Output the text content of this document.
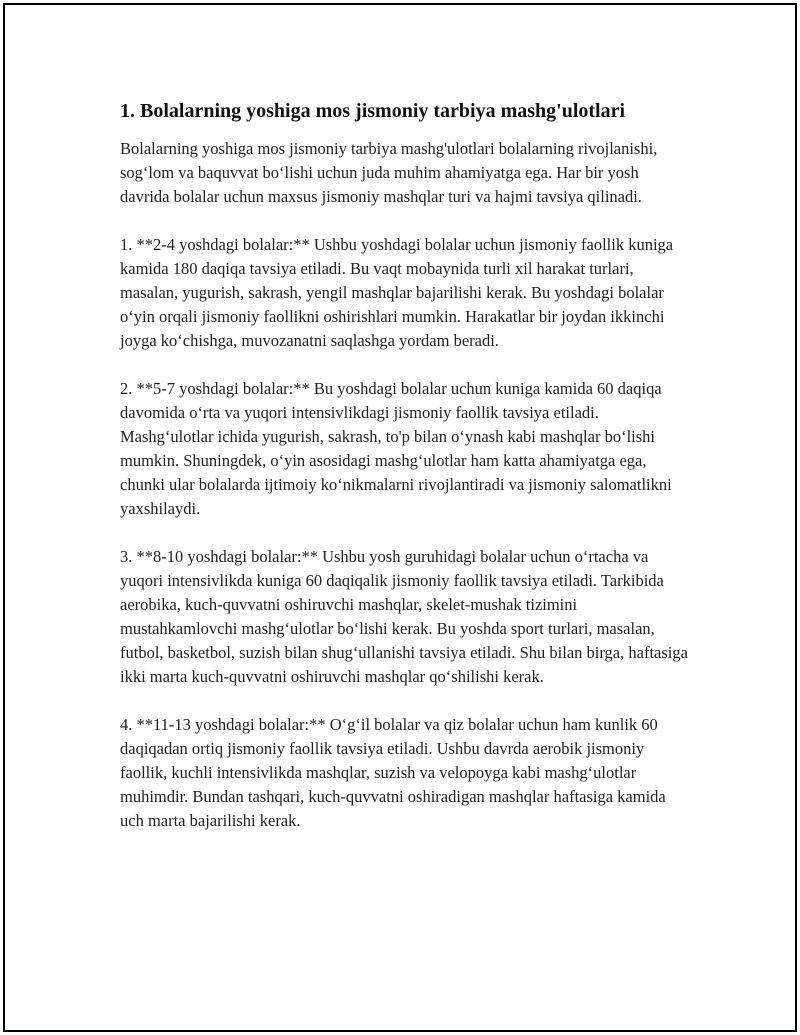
1. Bolalarning yoshiga mos jismoniy tarbiya mashg'ulotlari

Bolalarning yoshiga mos jismoniy tarbiya mashg'ulotlari bolalarning rivojlanishi, sog‘lom va baquvvat bo‘lishi uchun juda muhim ahamiyatga ega. Har bir yosh davrida bolalar uchun maxsus jismoniy mashqlar turi va hajmi tavsiya qilinadi.

1. **2-4 yoshdagi bolalar:** Ushbu yoshdagi bolalar uchun jismoniy faollik kuniga kamida 180 daqiqa tavsiya etiladi. Bu vaqt mobaynida turli xil harakat turlari, masalan, yugurish, sakrash, yengil mashqlar bajarilishi kerak. Bu yoshdagi bolalar o‘yin orqali jismoniy faollikni oshirishlari mumkin. Harakatlar bir joydan ikkinchi joyga ko‘chishga, muvozanatni saqlashga yordam beradi.

2. **5-7 yoshdagi bolalar:** Bu yoshdagi bolalar uchun kuniga kamida 60 daqiqa davomida o‘rta va yuqori intensivlikdagi jismoniy faollik tavsiya etiladi. Mashg‘ulotlar ichida yugurish, sakrash, to'p bilan o‘ynash kabi mashqlar bo‘lishi mumkin. Shuningdek, o‘yin asosidagi mashg‘ulotlar ham katta ahamiyatga ega, chunki ular bolalarda ijtimoiy ko‘nikmalarni rivojlantiradi va jismoniy salomatlikni yaxshilaydi.

3. **8-10 yoshdagi bolalar:** Ushbu yosh guruhidagi bolalar uchun o‘rtacha va yuqori intensivlikda kuniga 60 daqiqalik jismoniy faollik tavsiya etiladi. Tarkibida aerobika, kuch-quvvatni oshiruvchi mashqlar, skelet-mushak tizimini mustahkamlovchi mashg‘ulotlar bo‘lishi kerak. Bu yoshda sport turlari, masalan, futbol, basketbol, suzish bilan shug‘ullanishi tavsiya etiladi. Shu bilan birga, haftasiga ikki marta kuch-quvvatni oshiruvchi mashqlar qo‘shilishi kerak.

4. **11-13 yoshdagi bolalar:** O‘g‘il bolalar va qiz bolalar uchun ham kunlik 60 daqiqadan ortiq jismoniy faollik tavsiya etiladi. Ushbu davrda aerobik jismoniy faollik, kuchli intensivlikda mashqlar, suzish va velopoyga kabi mashg‘ulotlar muhimdir. Bundan tashqari, kuch-quvvatni oshiradigan mashqlar haftasiga kamida uch marta bajarilishi kerak.
